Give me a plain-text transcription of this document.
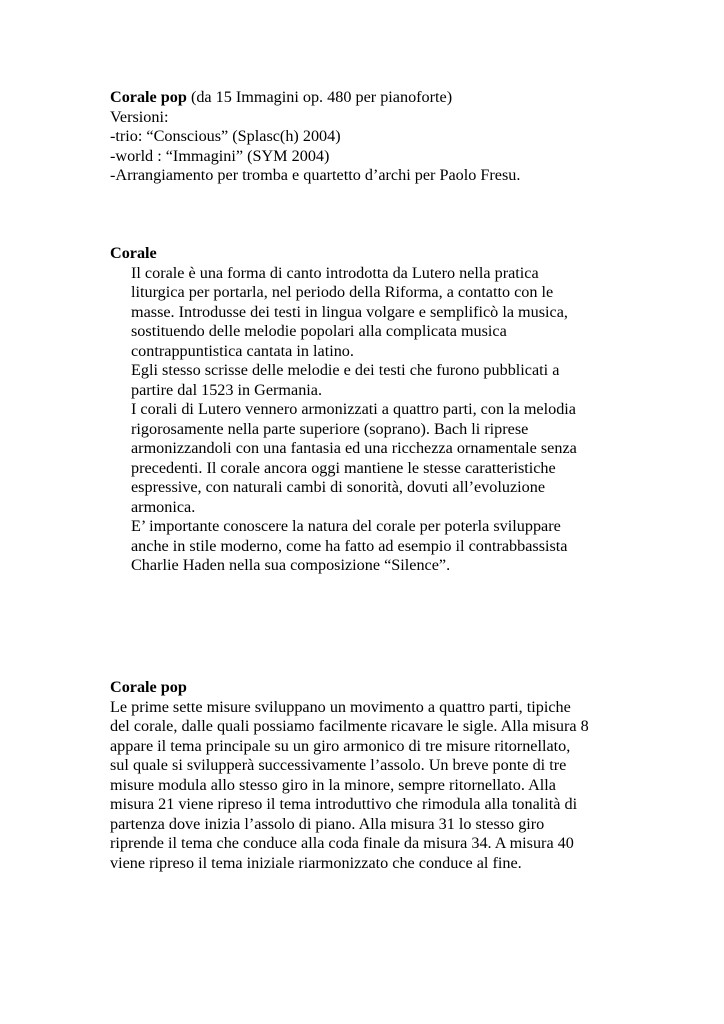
Corale pop (da 15 Immagini op. 480 per pianoforte)
Versioni:
-trio: “Conscious” (Splasc(h) 2004)
-world : “Immagini” (SYM 2004)
-Arrangiamento per tromba e quartetto d’archi per Paolo Fresu.
Corale
Il corale è una forma di canto introdotta da Lutero nella pratica
liturgica per portarla, nel periodo della Riforma, a contatto con le
masse. Introdusse dei testi in lingua volgare e semplificò la musica,
sostituendo delle melodie popolari alla complicata musica
contrappuntistica cantata in latino.
Egli stesso scrisse delle melodie e dei testi che furono pubblicati a
partire dal 1523 in Germania.
I corali di Lutero vennero armonizzati a quattro parti, con la melodia
rigorosamente nella parte superiore (soprano). Bach li riprese
armonizzandoli con una fantasia ed una ricchezza ornamentale senza
precedenti. Il corale ancora oggi mantiene le stesse caratteristiche
espressive, con naturali cambi di sonorità, dovuti all’evoluzione
armonica.
E’ importante conoscere la natura del corale per poterla sviluppare
anche in stile moderno, come ha fatto ad esempio il contrabbassista
Charlie Haden nella sua composizione “Silence”.
Corale pop
Le prime sette misure sviluppano un movimento a quattro parti, tipiche
del corale, dalle quali possiamo facilmente ricavare le sigle. Alla misura 8
appare il tema principale su un giro armonico di tre misure ritornellato,
sul quale si svilupperà successivamente l’assolo. Un breve ponte di tre
misure modula allo stesso giro in la minore, sempre ritornellato. Alla
misura 21 viene ripreso il tema introduttivo che rimodula alla tonalità di
partenza dove inizia l’assolo di piano. Alla misura 31 lo stesso giro
riprende il tema che conduce alla coda finale da misura 34. A misura 40
viene ripreso il tema iniziale riarmonizzato che conduce al fine.
